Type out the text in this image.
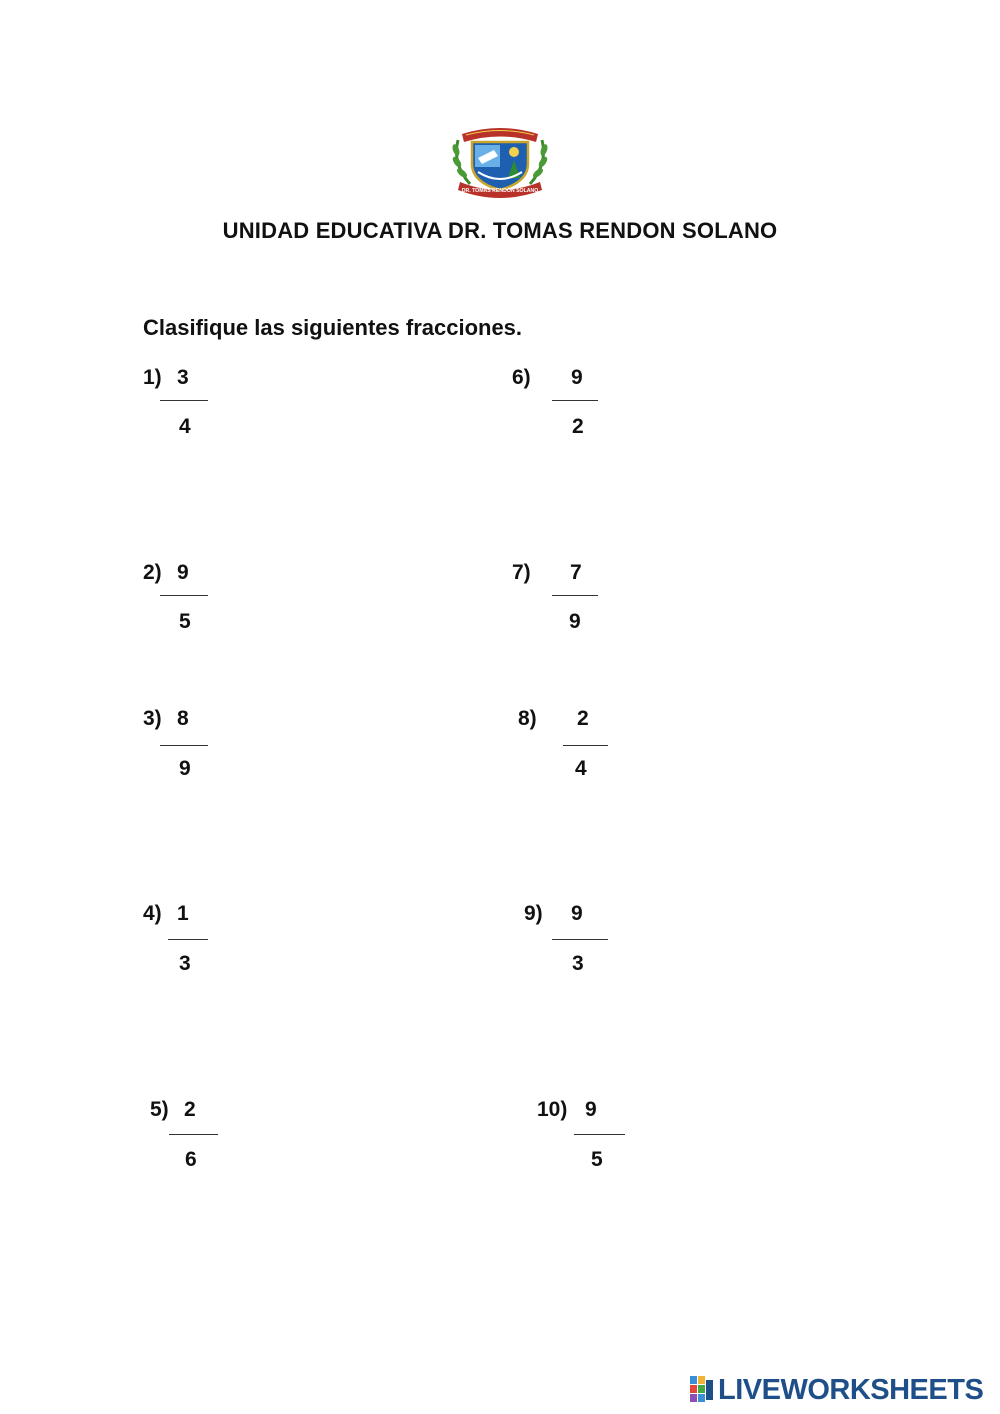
DR. TOMÁS RENDÓN SOLANO
UNIDAD EDUCATIVA DR. TOMAS RENDON SOLANO
Clasifique las siguientes fracciones.
1) 3
4
2) 9
5
3) 8
9
4) 1
3
5) 2
6
6) 9
2
7) 7
9
8) 2
4
9) 9
3
10) 9
5
LIVEWORKSHEETS
